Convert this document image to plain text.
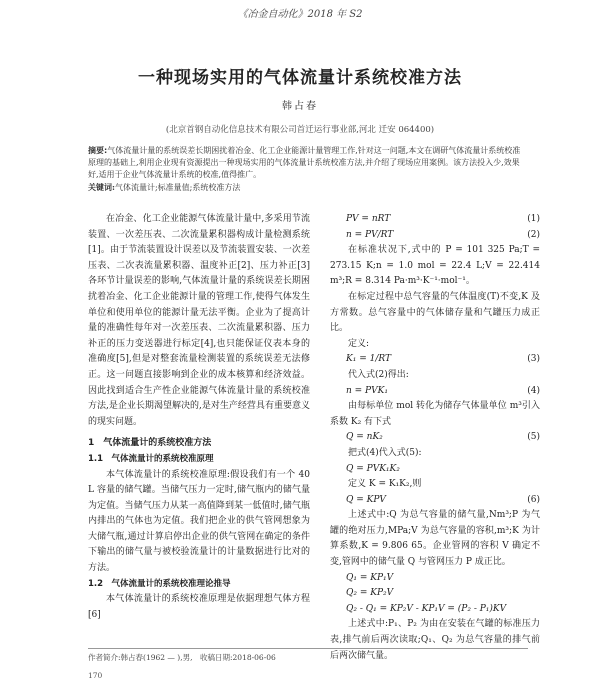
《冶金自动化》2018 年 S2
一种现场实用的气体流量计系统校准方法
韩占春
(北京首钢自动化信息技术有限公司首迁运行事业部,河北 迁安 064400)
摘要:气体流量计量的系统误差长期困扰着冶金、化工企业能源计量管理工作,针对这一问题,本文在调研气体流量计系统校准原理的基础上,利用企业现有资源提出一种现场实用的气体流量计系统校准方法,并介绍了现场应用案例。该方法投入少,效果好,适用于企业气体流量计系统的校准,值得推广。
关键词:气体流量计;标准量值;系统校准方法

在冶金、化工企业能源气体流量计量中,多采用节流装置、一次差压表、二次流量累积器构成计量检测系统[1]。由于节流装置设计误差以及节流装置安装、一次差压表、二次表流量累积器、温度补正[2]、压力补正[3]各环节计量误差的影响,气体流量计量的系统误差长期困扰着冶金、化工企业能源计量的管理工作,使得气体发生单位和使用单位的能源计量无法平衡。企业为了提高计量的准确性每年对一次差压表、二次流量累积器、压力补正的压力变送器进行标定[4],也只能保证仪表本身的准确度[5],但是对整套流量检测装置的系统误差无法修正。这一问题直接影响到企业的成本核算和经济效益。因此找到适合生产性企业能源气体流量计量的系统校准方法,是企业长期渴望解决的,是对生产经营具有重要意义的现实问题。

1　气体流量计的系统校准方法
1.1　气体流量计的系统校准原理

本气体流量计的系统校准原理:假设我们有一个 40 L 容量的储气罐。当储气压力一定时,储气瓶内的储气量为定值。当储气压力从某一高值降到某一低值时,储气瓶内排出的气体也为定值。我们把企业的供气管网想象为大储气瓶,通过计算启停出企业的供气管网在确定的条件下输出的储气量与被校验流量计的计量数据进行比对的方法。

1.2　气体流量计的系统校准理论推导

本气体流量计的系统校准原理是依据理想气体方程[6]

PV = nRT	(1)
n = PV/RT	(2)

在标准状况下,式中的 P = 101 325 Pa;T = 273.15 K;n = 1.0 mol = 22.4 L;V = 22.414 m³;R = 8.314 Pa·m³·K⁻¹·mol⁻¹。

在标定过程中总气容量的气体温度(T)不变,K 及方常数。总气容量中的气体储存量和气罐压力成正比。

定义:
K₁ = 1/RT	(3)
代入式(2)得出:
n = PVK₁	(4)

由每标单位 mol 转化为储存气体量单位 m³引入系数 K₂ 有下式

Q = nK₂	(5)
把式(4)代入式(5):
Q = PVK₁K₂
定义 K = K₁K₂,则
Q = KPV	(6)

上述式中:Q 为总气容量的储气量,Nm³;P 为气罐的绝对压力,MPa;V 为总气容量的容积,m³;K 为计算系数,K = 9.806 65。企业管网的容积 V 确定不变,管网中的储气量 Q 与管网压力 P 成正比。

Q₁ = KP₁V
Q₂ = KP₂V
Q₂ - Q₁ = KP₂V - KP₁V = (P₂ - P₁)KV

上述式中:P₁、P₂ 为由在安装在气罐的标准压力表,排气前后两次读取;Q₁、Q₂ 为总气容量的排气前后两次储气量。

作者简介:韩占春(1962 — ),男,　收稿日期:2018-06-06
170
